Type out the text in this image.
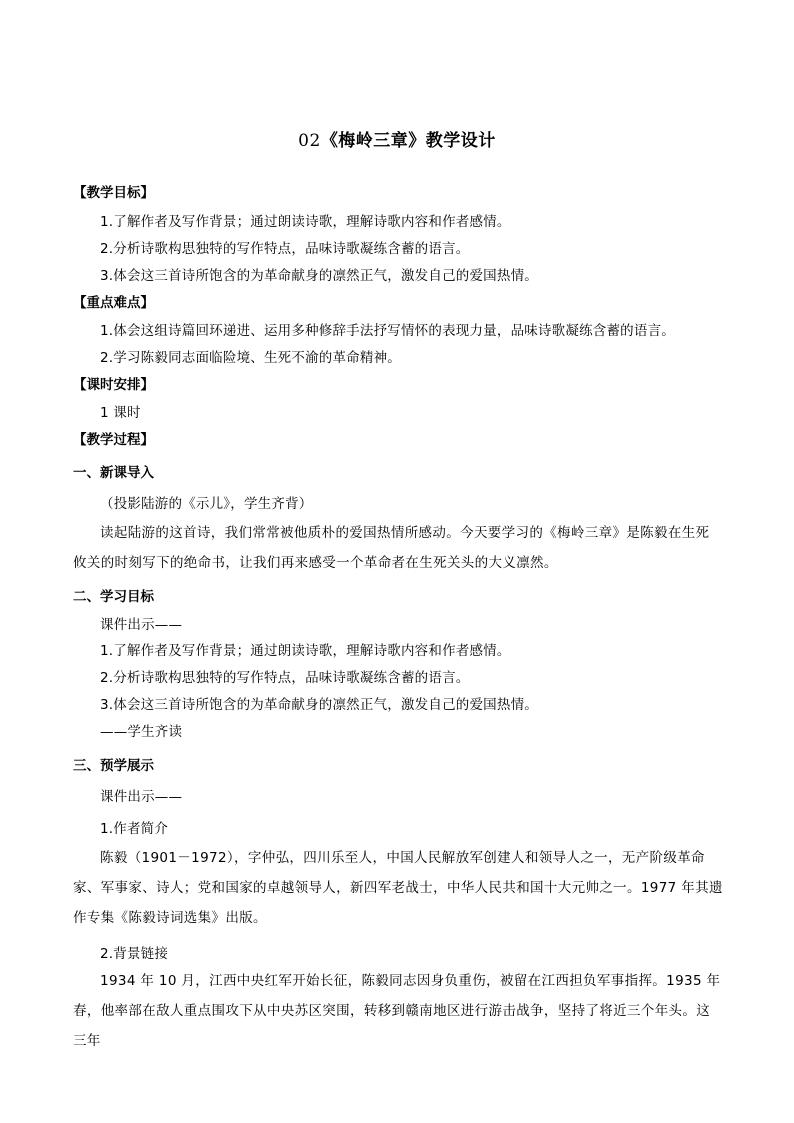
02《梅岭三章》教学设计
【教学目标】
1.了解作者及写作背景；通过朗读诗歌，理解诗歌内容和作者感情。
2.分析诗歌构思独特的写作特点，品味诗歌凝练含蓄的语言。
3.体会这三首诗所饱含的为革命献身的凛然正气，激发自己的爱国热情。
【重点难点】
1.体会这组诗篇回环递进、运用多种修辞手法抒写情怀的表现力量，品味诗歌凝练含蓄的语言。
2.学习陈毅同志面临险境、生死不渝的革命精神。
【课时安排】
1 课时
【教学过程】
一、新课导入
（投影陆游的《示儿》，学生齐背）
读起陆游的这首诗，我们常常被他质朴的爱国热情所感动。今天要学习的《梅岭三章》是陈毅在生死攸关的时刻写下的绝命书，让我们再来感受一个革命者在生死关头的大义凛然。
二、学习目标
课件出示——
1.了解作者及写作背景；通过朗读诗歌，理解诗歌内容和作者感情。
2.分析诗歌构思独特的写作特点，品味诗歌凝练含蓄的语言。
3.体会这三首诗所饱含的为革命献身的凛然正气，激发自己的爱国热情。
——学生齐读
三、预学展示
课件出示——
1.作者简介
陈毅（1901－1972），字仲弘，四川乐至人，中国人民解放军创建人和领导人之一，无产阶级革命家、军事家、诗人；党和国家的卓越领导人，新四军老战士，中华人民共和国十大元帅之一。1977 年其遗作专集《陈毅诗词选集》出版。
2.背景链接
1934 年 10 月，江西中央红军开始长征，陈毅同志因身负重伤，被留在江西担负军事指挥。1935 年春，他率部在敌人重点围攻下从中央苏区突围，转移到赣南地区进行游击战争，坚持了将近三个年头。这三年
